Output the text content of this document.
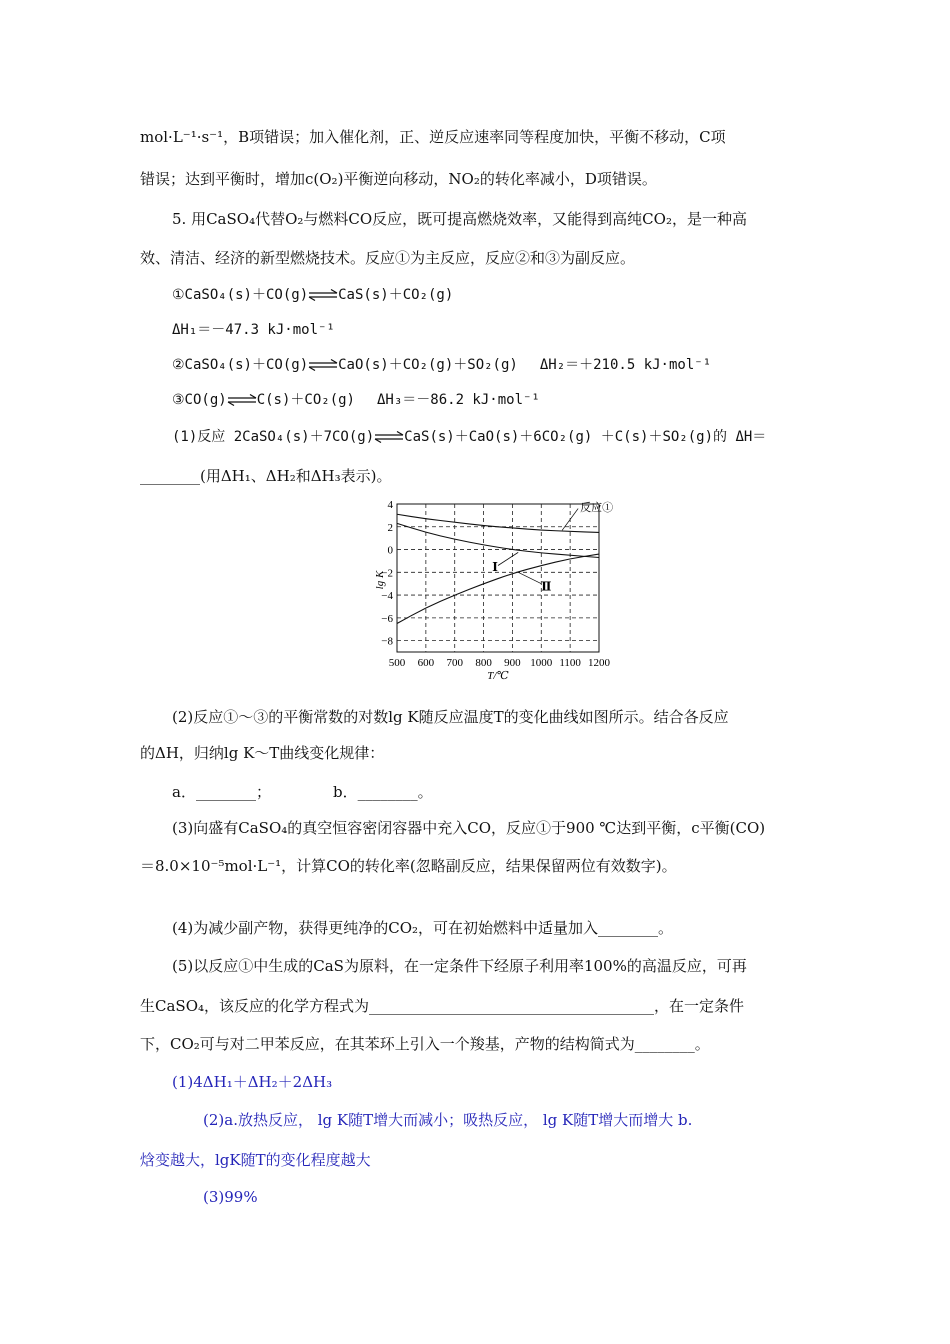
mol·L⁻¹·s⁻¹，B项错误；加入催化剂，正、逆反应速率同等程度加快，平衡不移动，C项
错误；达到平衡时，增加c(O₂)平衡逆向移动，NO₂的转化率减小，D项错误。
5. 用CaSO₄代替O₂与燃料CO反应，既可提高燃烧效率，又能得到高纯CO₂，是一种高
效、清洁、经济的新型燃烧技术。反应①为主反应，反应②和③为副反应。
①CaSO₄(s)＋CO(g)⇌CaS(s)＋CO₂(g)
ΔH₁＝－47.3 kJ·mol⁻¹
②CaSO₄(s)＋CO(g)⇌CaO(s)＋CO₂(g)＋SO₂(g) ΔH₂＝＋210.5 kJ·mol⁻¹
③CO(g)⇌C(s)＋CO₂(g) ΔH₃＝－86.2 kJ·mol⁻¹
(1)反应 2CaSO₄(s)＋7CO(g)⇌CaS(s)＋CaO(s)＋6CO₂(g) ＋C(s)＋SO₂(g)的 ΔH＝
________(用ΔH₁、ΔH₂和ΔH₃表示)。
500 600 700 800 900 1000 1100 1200
4
2
0
−2
−4
−6
−8
lg K
T/℃
反应①
Ⅰ
Ⅱ
(2)反应①～③的平衡常数的对数lg K随反应温度T的变化曲线如图所示。结合各反应
的ΔH，归纳lg K～T曲线变化规律：
a．________；	b．________。
(3)向盛有CaSO₄的真空恒容密闭容器中充入CO，反应①于900 ℃达到平衡，c平衡(CO)
＝8.0×10⁻⁵mol·L⁻¹，计算CO的转化率(忽略副反应，结果保留两位有效数字)。
(4)为减少副产物，获得更纯净的CO₂，可在初始燃料中适量加入________。
(5)以反应①中生成的CaS为原料，在一定条件下经原子利用率100%的高温反应，可再
生CaSO₄，该反应的化学方程式为______________________________________，在一定条件
下，CO₂可与对二甲苯反应，在其苯环上引入一个羧基，产物的结构简式为________。
(1)4ΔH₁＋ΔH₂＋2ΔH₃
(2)a.放热反应， lg K随T增大而减小；吸热反应， lg K随T增大而增大 b.
焓变越大，lgK随T的变化程度越大
(3)99%
